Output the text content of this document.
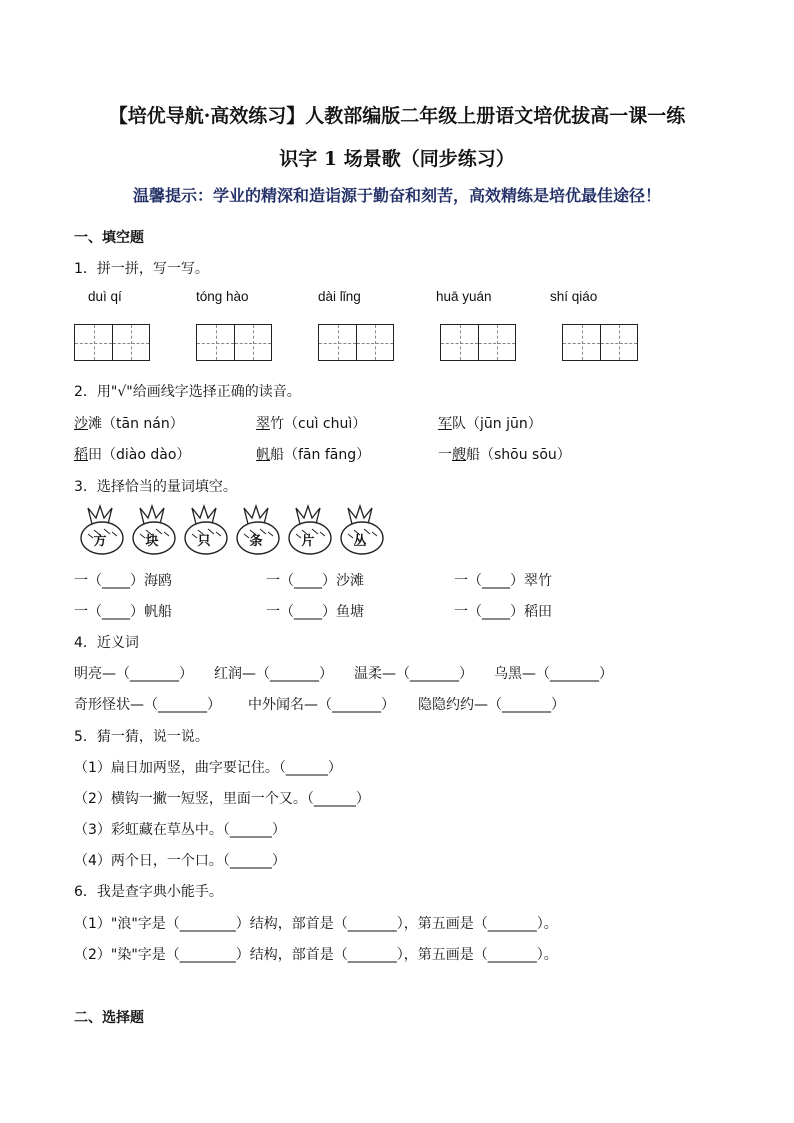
【培优导航·高效练习】人教部编版二年级上册语文培优拔高一课一练
识字 1 场景歌（同步练习）
温馨提示：学业的精深和造诣源于勤奋和刻苦，高效精练是培优最佳途径！
一、填空题
1．拼一拼，写一写。
duì qí	tóng hào	dài lǐng	huā yuán	shí qiáo
2．用"√"给画线字选择正确的读音。
沙滩（tān nán）	翠竹（cuì chuì）	军队（jūn jūn）
稻田（diào dào）	帆船（fān fāng）	一艘船（shōu sōu）
3．选择恰当的量词填空。
方	块	只	条	片	丛
一（____）海鸥	一（____）沙滩	一（____）翠竹
一（____）帆船	一（____）鱼塘	一（____）稻田
4．近义词
明亮—（_______） 红润—（_______） 温柔—（_______） 乌黑—（_______）
奇形怪状—（_______） 中外闻名—（_______） 隐隐约约—（_______）
5．猜一猜，说一说。
（1）扁日加两竖，曲字要记住。（______）
（2）横钩一撇一短竖，里面一个又。（______）
（3）彩虹藏在草丛中。（______）
（4）两个日，一个口。（______）
6．我是查字典小能手。
（1）"浪"字是（________）结构，部首是（_______），第五画是（_______）。
（2）"染"字是（________）结构，部首是（_______），第五画是（_______）。
二、选择题
